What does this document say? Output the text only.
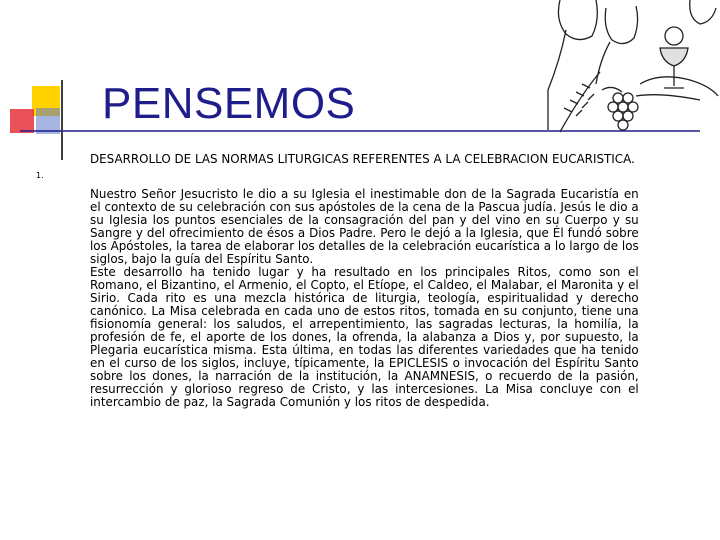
PENSEMOS
1.
DESARROLLO DE LAS NORMAS LITURGICAS REFERENTES A LA CELEBRACION EUCARISTICA.
Nuestro Señor Jesucristo le dio a su Iglesia el inestimable don de la Sagrada Eucaristía en el contexto de su celebración con sus apóstoles de la cena de la Pascua judía. Jesús le dio a su Iglesia los puntos esenciales de la consagración del pan y del vino en su Cuerpo y su Sangre y del ofrecimiento de ésos a Dios Padre. Pero le dejó a la Iglesia, que Él fundó sobre los Apóstoles, la tarea de elaborar los detalles de la celebración eucarística a lo largo de los siglos, bajo la guía del Espíritu Santo.
Este desarrollo ha tenido lugar y ha resultado en los principales Ritos, como son el Romano, el Bizantino, el Armenio, el Copto, el Etíope, el Caldeo, el Malabar, el Maronita y el Sirio. Cada rito es una mezcla histórica de liturgia, teología, espiritualidad y derecho canónico. La Misa celebrada en cada uno de estos ritos, tomada en su conjunto, tiene una fisionomía general: los saludos, el arrepentimiento, las sagradas lecturas, la homilía, la profesión de fe, el aporte de los dones, la ofrenda, la alabanza a Dios y, por supuesto, la Plegaria eucarística misma. Esta última, en todas las diferentes variedades que ha tenido en el curso de los siglos, incluye, típicamente, la EPICLESIS o invocación del Espíritu Santo sobre los dones, la narración de la institución, la ANAMNESIS, o recuerdo de la pasión, resurrección y glorioso regreso de Cristo, y las intercesiones. La Misa concluye con el intercambio de paz, la Sagrada Comunión y los ritos de despedida.
